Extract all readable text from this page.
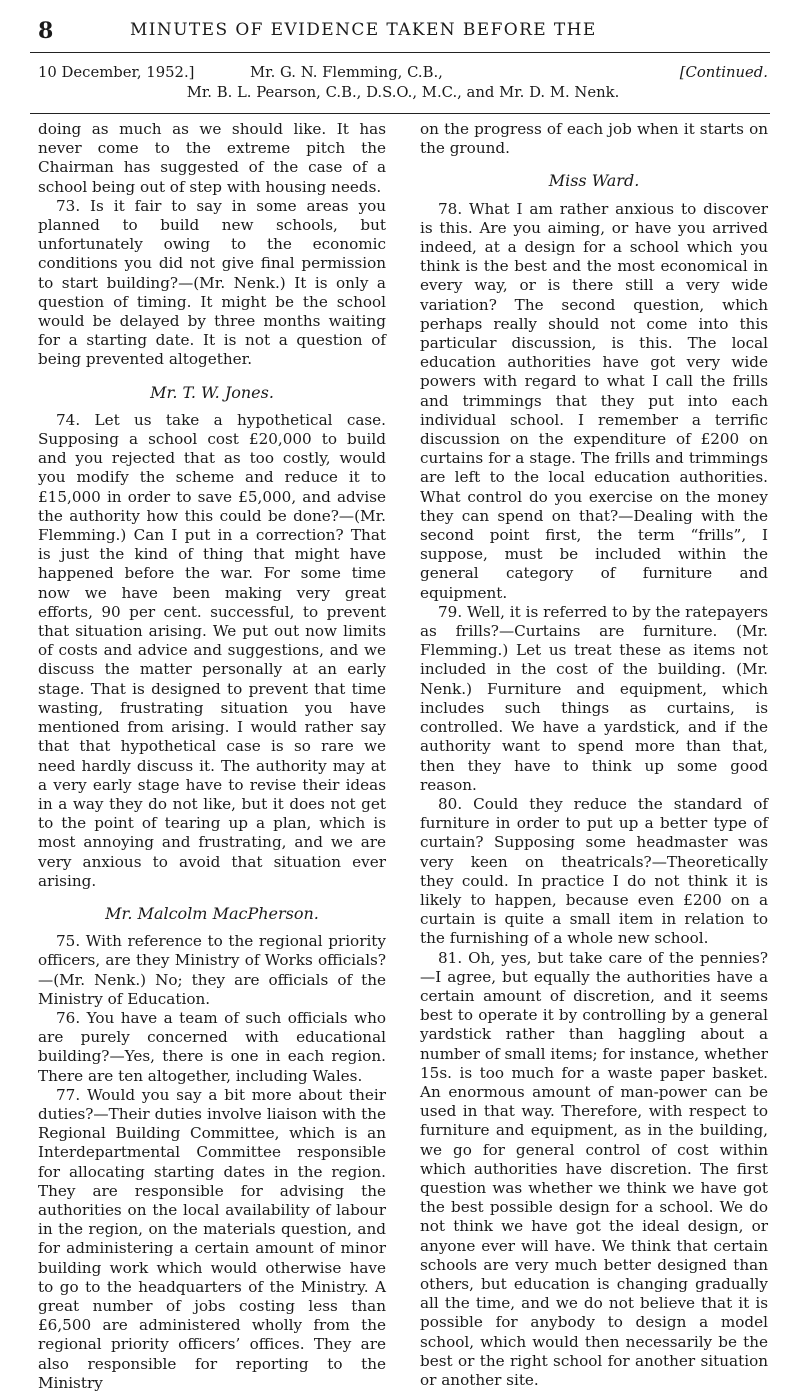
8	MINUTES OF EVIDENCE TAKEN BEFORE THE
10 December, 1952.]	Mr. G. N. Flemming, C.B.,	[Continued.
Mr. B. L. Pearson, C.B., D.S.O., M.C., and Mr. D. M. Nenk.

doing as much as we should like. It has never come to the extreme pitch the Chairman has suggested of the case of a school being out of step with housing needs.

73. Is it fair to say in some areas you planned to build new schools, but unfortunately owing to the economic conditions you did not give final permission to start building?—(Mr. Nenk.) It is only a question of timing. It might be the school would be delayed by three months waiting for a starting date. It is not a question of being prevented altogether.

Mr. T. W. Jones.

74. Let us take a hypothetical case. Supposing a school cost £20,000 to build and you rejected that as too costly, would you modify the scheme and reduce it to £15,000 in order to save £5,000, and advise the authority how this could be done?—(Mr. Flemming.) Can I put in a correction? That is just the kind of thing that might have happened before the war. For some time now we have been making very great efforts, 90 per cent. successful, to prevent that situation arising. We put out now limits of costs and advice and suggestions, and we discuss the matter personally at an early stage. That is designed to prevent that time wasting, frustrating situation you have mentioned from arising. I would rather say that that hypothetical case is so rare we need hardly discuss it. The authority may at a very early stage have to revise their ideas in a way they do not like, but it does not get to the point of tearing up a plan, which is most annoying and frustrating, and we are very anxious to avoid that situation ever arising.

Mr. Malcolm MacPherson.

75. With reference to the regional priority officers, are they Ministry of Works officials?—(Mr. Nenk.) No; they are officials of the Ministry of Education.

76. You have a team of such officials who are purely concerned with educational building?—Yes, there is one in each region. There are ten altogether, including Wales.

77. Would you say a bit more about their duties?—Their duties involve liaison with the Regional Building Committee, which is an Interdepartmental Committee responsible for allocating starting dates in the region. They are responsible for advising the authorities on the local availability of labour in the region, on the materials question, and for administering a certain amount of minor building work which would otherwise have to go to the headquarters of the Ministry. A great number of jobs costing less than £6,500 are administered wholly from the regional priority officers’ offices. They are also responsible for reporting to the Ministry

on the progress of each job when it starts on the ground.

Miss Ward.

78. What I am rather anxious to discover is this. Are you aiming, or have you arrived indeed, at a design for a school which you think is the best and the most economical in every way, or is there still a very wide variation? The second question, which perhaps really should not come into this particular discussion, is this. The local education authorities have got very wide powers with regard to what I call the frills and trimmings that they put into each individual school. I remember a terrific discussion on the expenditure of £200 on curtains for a stage. The frills and trimmings are left to the local education authorities. What control do you exercise on the money they can spend on that?—Dealing with the second point first, the term “frills”, I suppose, must be included within the general category of furniture and equipment.

79. Well, it is referred to by the ratepayers as frills?—Curtains are furniture. (Mr. Flemming.) Let us treat these as items not included in the cost of the building. (Mr. Nenk.) Furniture and equipment, which includes such things as curtains, is controlled. We have a yardstick, and if the authority want to spend more than that, then they have to think up some good reason.

80. Could they reduce the standard of furniture in order to put up a better type of curtain? Supposing some headmaster was very keen on theatricals?—Theoretically they could. In practice I do not think it is likely to happen, because even £200 on a curtain is quite a small item in relation to the furnishing of a whole new school.

81. Oh, yes, but take care of the pennies?—I agree, but equally the authorities have a certain amount of discretion, and it seems best to operate it by controlling by a general yardstick rather than haggling about a number of small items; for instance, whether 15s. is too much for a waste paper basket. An enormous amount of man-power can be used in that way. Therefore, with respect to furniture and equipment, as in the building, we go for general control of cost within which authorities have discretion. The first question was whether we think we have got the best possible design for a school. We do not think we have got the ideal design, or anyone ever will have. We think that certain schools are very much better designed than others, but education is changing gradually all the time, and we do not believe that it is possible for anybody to design a model school, which would then necessarily be the best or the right school for another situation or another site.
